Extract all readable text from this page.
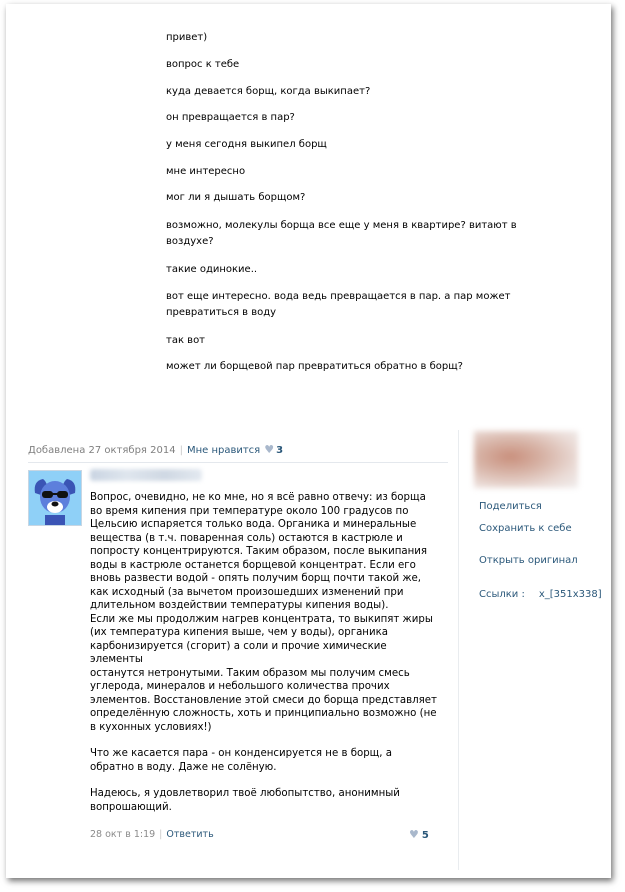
привет)
вопрос к тебе
куда девается борщ, когда выкипает?
он превращается в пар?
у меня сегодня выкипел борщ
мне интересно
мог ли я дышать борщом?
возможно, молекулы борща все еще у меня в квартире? витают в
воздухе?
такие одинокие..
вот еще интересно. вода ведь превращается в пар. а пар может
превратиться в воду
так вот
может ли борщевой пар превратиться обратно в борщ?
Добавлена 27 октября 2014 | Мне нравится ♥ 3

Вопрос, очевидно, не ко мне, но я всё равно отвечу: из борща
во время кипения при температуре около 100 градусов по
Цельсию испаряется только вода. Органика и минеральные
вещества (в т.ч. поваренная соль) остаются в кастрюле и
попросту концентрируются. Таким образом, после выкипания
воды в кастрюле останется борщевой концентрат. Если его
вновь развести водой - опять получим борщ почти такой же,
как исходный (за вычетом произошедших изменений при
длительном воздействии температуры кипения воды).
Если же мы продолжим нагрев концентрата, то выкипят жиры
(их температура кипения выше, чем у воды), органика
карбонизируется (сгорит) а соли и прочие химические элементы
останутся нетронутыми. Таким образом мы получим смесь
углерода, минералов и небольшого количества прочих
элементов. Восстановление этой смеси до борща представляет
определённую сложность, хоть и принципиально возможно (не
в кухонных условиях!)

Что же касается пара - он конденсируется не в борщ, а
обратно в воду. Даже не солёную.

Надеюсь, я удовлетворил твоё любопытство, анонимный
вопрошающий.

28 окт в 1:19 | Ответить	♥ 5
Поделиться
Сохранить к себе
Открыть оригинал
Ссылки : x_[351x338]
